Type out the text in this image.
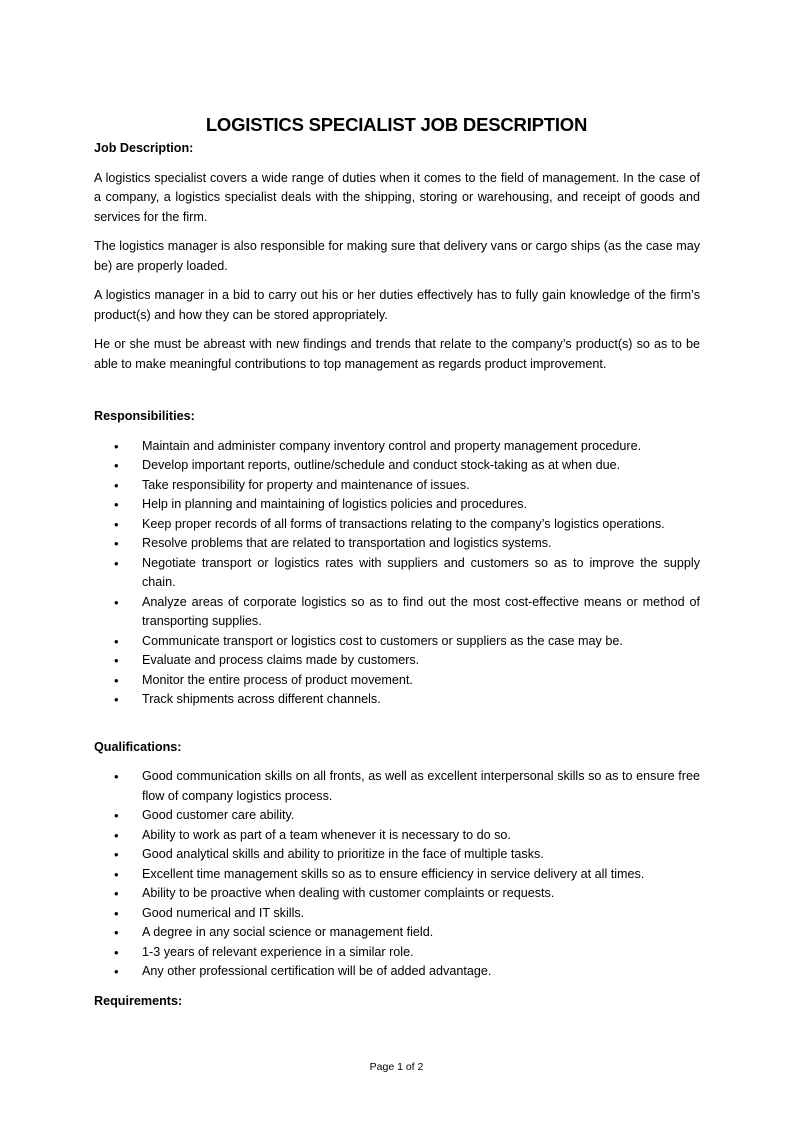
LOGISTICS SPECIALIST JOB DESCRIPTION

Job Description:

A logistics specialist covers a wide range of duties when it comes to the field of management. In the case of a company, a logistics specialist deals with the shipping, storing or warehousing, and receipt of goods and services for the firm.

The logistics manager is also responsible for making sure that delivery vans or cargo ships (as the case may be) are properly loaded.

A logistics manager in a bid to carry out his or her duties effectively has to fully gain knowledge of the firm’s product(s) and how they can be stored appropriately.

He or she must be abreast with new findings and trends that relate to the company’s product(s) so as to be able to make meaningful contributions to top management as regards product improvement.

Responsibilities:

• Maintain and administer company inventory control and property management procedure.
• Develop important reports, outline/schedule and conduct stock-taking as at when due.
• Take responsibility for property and maintenance of issues.
• Help in planning and maintaining of logistics policies and procedures.
• Keep proper records of all forms of transactions relating to the company’s logistics operations.
• Resolve problems that are related to transportation and logistics systems.
• Negotiate transport or logistics rates with suppliers and customers so as to improve the supply chain.
• Analyze areas of corporate logistics so as to find out the most cost-effective means or method of transporting supplies.
• Communicate transport or logistics cost to customers or suppliers as the case may be.
• Evaluate and process claims made by customers.
• Monitor the entire process of product movement.
• Track shipments across different channels.

Qualifications:

• Good communication skills on all fronts, as well as excellent interpersonal skills so as to ensure free flow of company logistics process.
• Good customer care ability.
• Ability to work as part of a team whenever it is necessary to do so.
• Good analytical skills and ability to prioritize in the face of multiple tasks.
• Excellent time management skills so as to ensure efficiency in service delivery at all times.
• Ability to be proactive when dealing with customer complaints or requests.
• Good numerical and IT skills.
• A degree in any social science or management field.
• 1-3 years of relevant experience in a similar role.
• Any other professional certification will be of added advantage.

Requirements:

Page 1 of 2
